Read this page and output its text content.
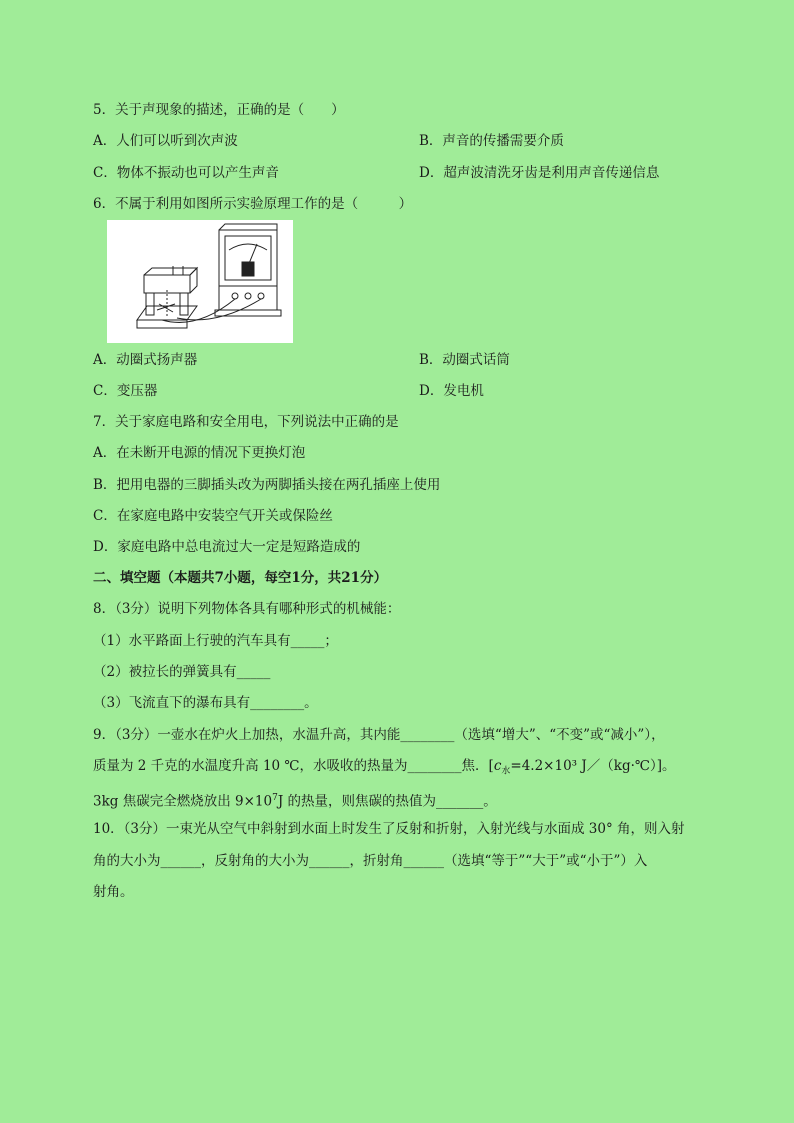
5．关于声现象的描述，正确的是（　　）
A．人们可以听到次声波	B．声音的传播需要介质
C．物体不振动也可以产生声音	D．超声波清洗牙齿是利用声音传递信息
6．不属于利用如图所示实验原理工作的是（　　　）
A．动圈式扬声器	B．动圈式话筒
C．变压器	D．发电机
7．关于家庭电路和安全用电，下列说法中正确的是
A．在未断开电源的情况下更换灯泡
B．把用电器的三脚插头改为两脚插头接在两孔插座上使用
C．在家庭电路中安装空气开关或保险丝
D．家庭电路中总电流过大一定是短路造成的
二、填空题（本题共7小题，每空1分，共21分）
8．（3分）说明下列物体各具有哪种形式的机械能：
（1）水平路面上行驶的汽车具有_____；
（2）被拉长的弹簧具有_____
（3）飞流直下的瀑布具有________。
9．（3分）一壶水在炉火上加热，水温升高，其内能________（选填“增大”、“不变”或“减小”），
质量为 2 千克的水温度升高 10 ℃，水吸收的热量为________焦．[$c_水=4.2\times 10^3$ J／（kg·℃）]。
3kg 焦碳完全燃烧放出 $9\times 10^7J$ 的热量，则焦碳的热值为_______。
10．（3分）一束光从空气中斜射到水面上时发生了反射和折射，入射光线与水面成 30° 角，则入射
角的大小为______，反射角的大小为______，折射角______（选填“等于”“大于”或“小于”）入
射角。
